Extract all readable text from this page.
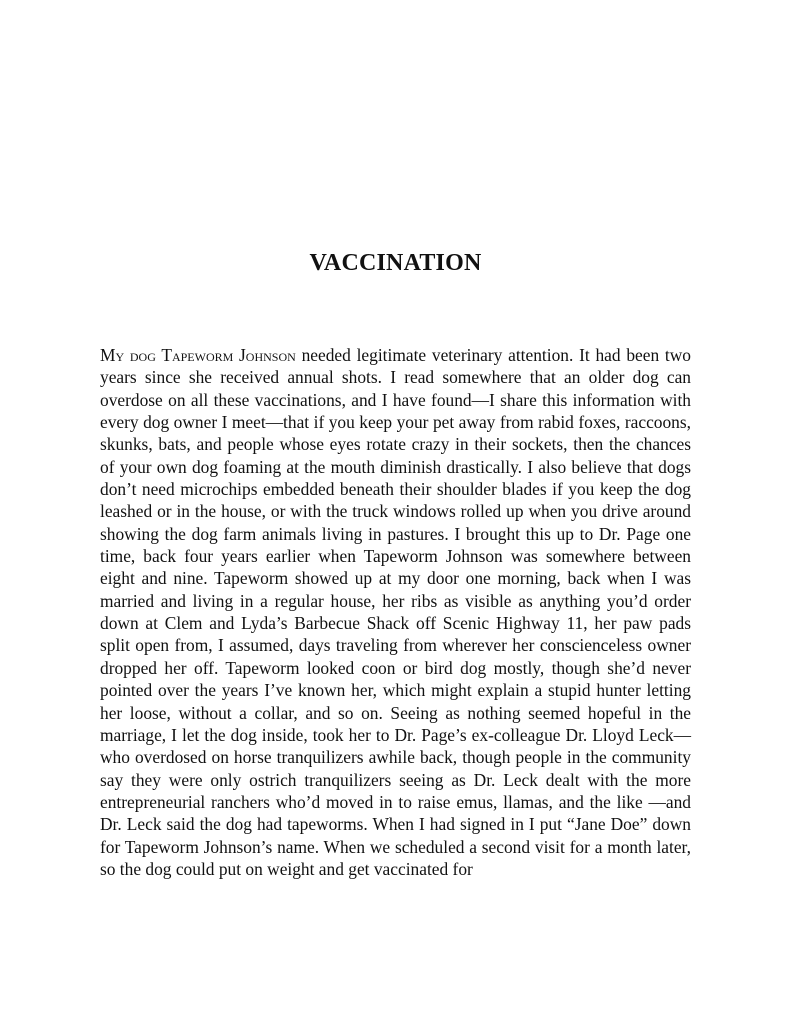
VACCINATION

My dog Tapeworm Johnson needed legitimate veterinary attention. It had been two years since she received annual shots. I read somewhere that an older dog can overdose on all these vaccinations, and I have found—I share this information with every dog owner I meet—that if you keep your pet away from rabid foxes, raccoons, skunks, bats, and people whose eyes rotate crazy in their sockets, then the chances of your own dog foaming at the mouth diminish drastically. I also believe that dogs don’t need microchips embedded beneath their shoulder blades if you keep the dog leashed or in the house, or with the truck windows rolled up when you drive around showing the dog farm animals living in pastures. I brought this up to Dr. Page one time, back four years earlier when Tapeworm Johnson was somewhere between eight and nine. Tapeworm showed up at my door one morning, back when I was married and living in a regular house, her ribs as visible as anything you’d order down at Clem and Lyda’s Barbecue Shack off Scenic Highway 11, her paw pads split open from, I assumed, days traveling from wherever her conscienceless owner dropped her off. Tapeworm looked coon or bird dog mostly, though she’d never pointed over the years I’ve known her, which might explain a stupid hunter letting her loose, without a collar, and so on. Seeing as nothing seemed hopeful in the marriage, I let the dog inside, took her to Dr. Page’s ex-colleague Dr. Lloyd Leck—who overdosed on horse tranquilizers awhile back, though people in the community say they were only ostrich tranquilizers seeing as Dr. Leck dealt with the more entrepreneurial ranchers who’d moved in to raise emus, llamas, and the like —and Dr. Leck said the dog had tapeworms. When I had signed in I put “Jane Doe” down for Tapeworm Johnson’s name. When we scheduled a second visit for a month later, so the dog could put on weight and get vaccinated for
